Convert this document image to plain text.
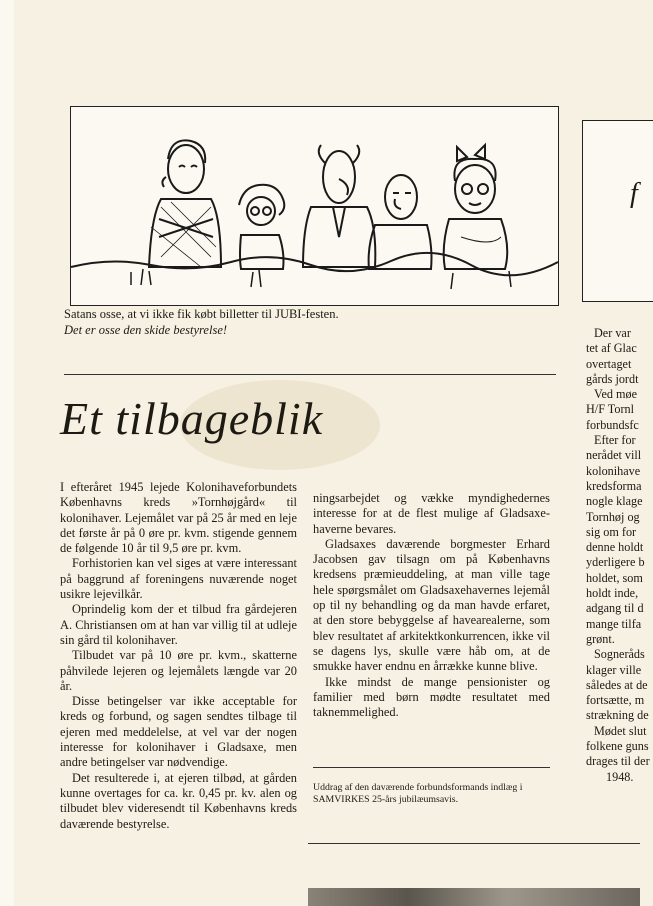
Satans osse, at vi ikke fik købt billetter til JUBI-festen.
Det er osse den skide bestyrelse!
Et tilbageblik

I efteråret 1945 lejede Kolonihaveforbundets Københavns kreds »Tornhøjgård« til kolonihaver. Lejemålet var på 25 år med en leje det første år på 0 øre pr. kvm. stigende gennem de følgende 10 år til 9,5 øre pr. kvm.

Forhistorien kan vel siges at være interessant på baggrund af foreningens nuværende noget usikre lejevilkår.

Oprindelig kom der et tilbud fra gårdejeren A. Christiansen om at han var villig til at udleje sin gård til kolonihaver.

Tilbudet var på 10 øre pr. kvm., skatterne påhvilede lejeren og lejemålets længde var 20 år.

Disse betingelser var ikke acceptable for kreds og forbund, og sagen sendtes tilbage til ejeren med meddelelse, at vel var der nogen interesse for kolonihaver i Gladsaxe, men andre betingelser var nødvendige.

Det resulterede i, at ejeren tilbød, at gården kunne overtages for ca. kr. 0,45 pr. kv. alen og tilbudet blev videresendt til Københavns kreds daværende bestyrelse.

ningsarbejdet og vække myndighedernes interesse for at de flest mulige af Gladsaxe-haverne bevares.

Gladsaxes daværende borgmester Erhard Jacobsen gav tilsagn om på Københavns kredsens præmieuddeling, at man ville tage hele spørgsmålet om Gladsaxehavernes lejemål op til ny behandling og da man havde erfaret, at den store bebyggelse af havearealerne, som blev resultatet af arkitektkonkurrencen, ikke vil se dagens lys, skulle være håb om, at de smukke haver endnu en årrække kunne blive.

Ikke mindst de mange pensionister og familier med børn mødte resultatet med taknemmelighed.

Uddrag af den daværende forbundsformands indlæg i SAMVIRKES 25-års jubilæumsavis.
f
Der var
tet af Glac
overtaget
gårds jordt
Ved møe
H/F Tornl
forbundsfc
Efter for
nerådet vill
kolonihave
kredsforma
nogle klage
Tornhøj og
sig om for
denne holdt
yderligere b
holdet, som
holdt inde,
adgang til d
mange tilfa
grønt.
Sogneråds
klager ville
således at de
fortsætte, m
strækning de
Mødet slut
folkene guns
drages til der
1948.
